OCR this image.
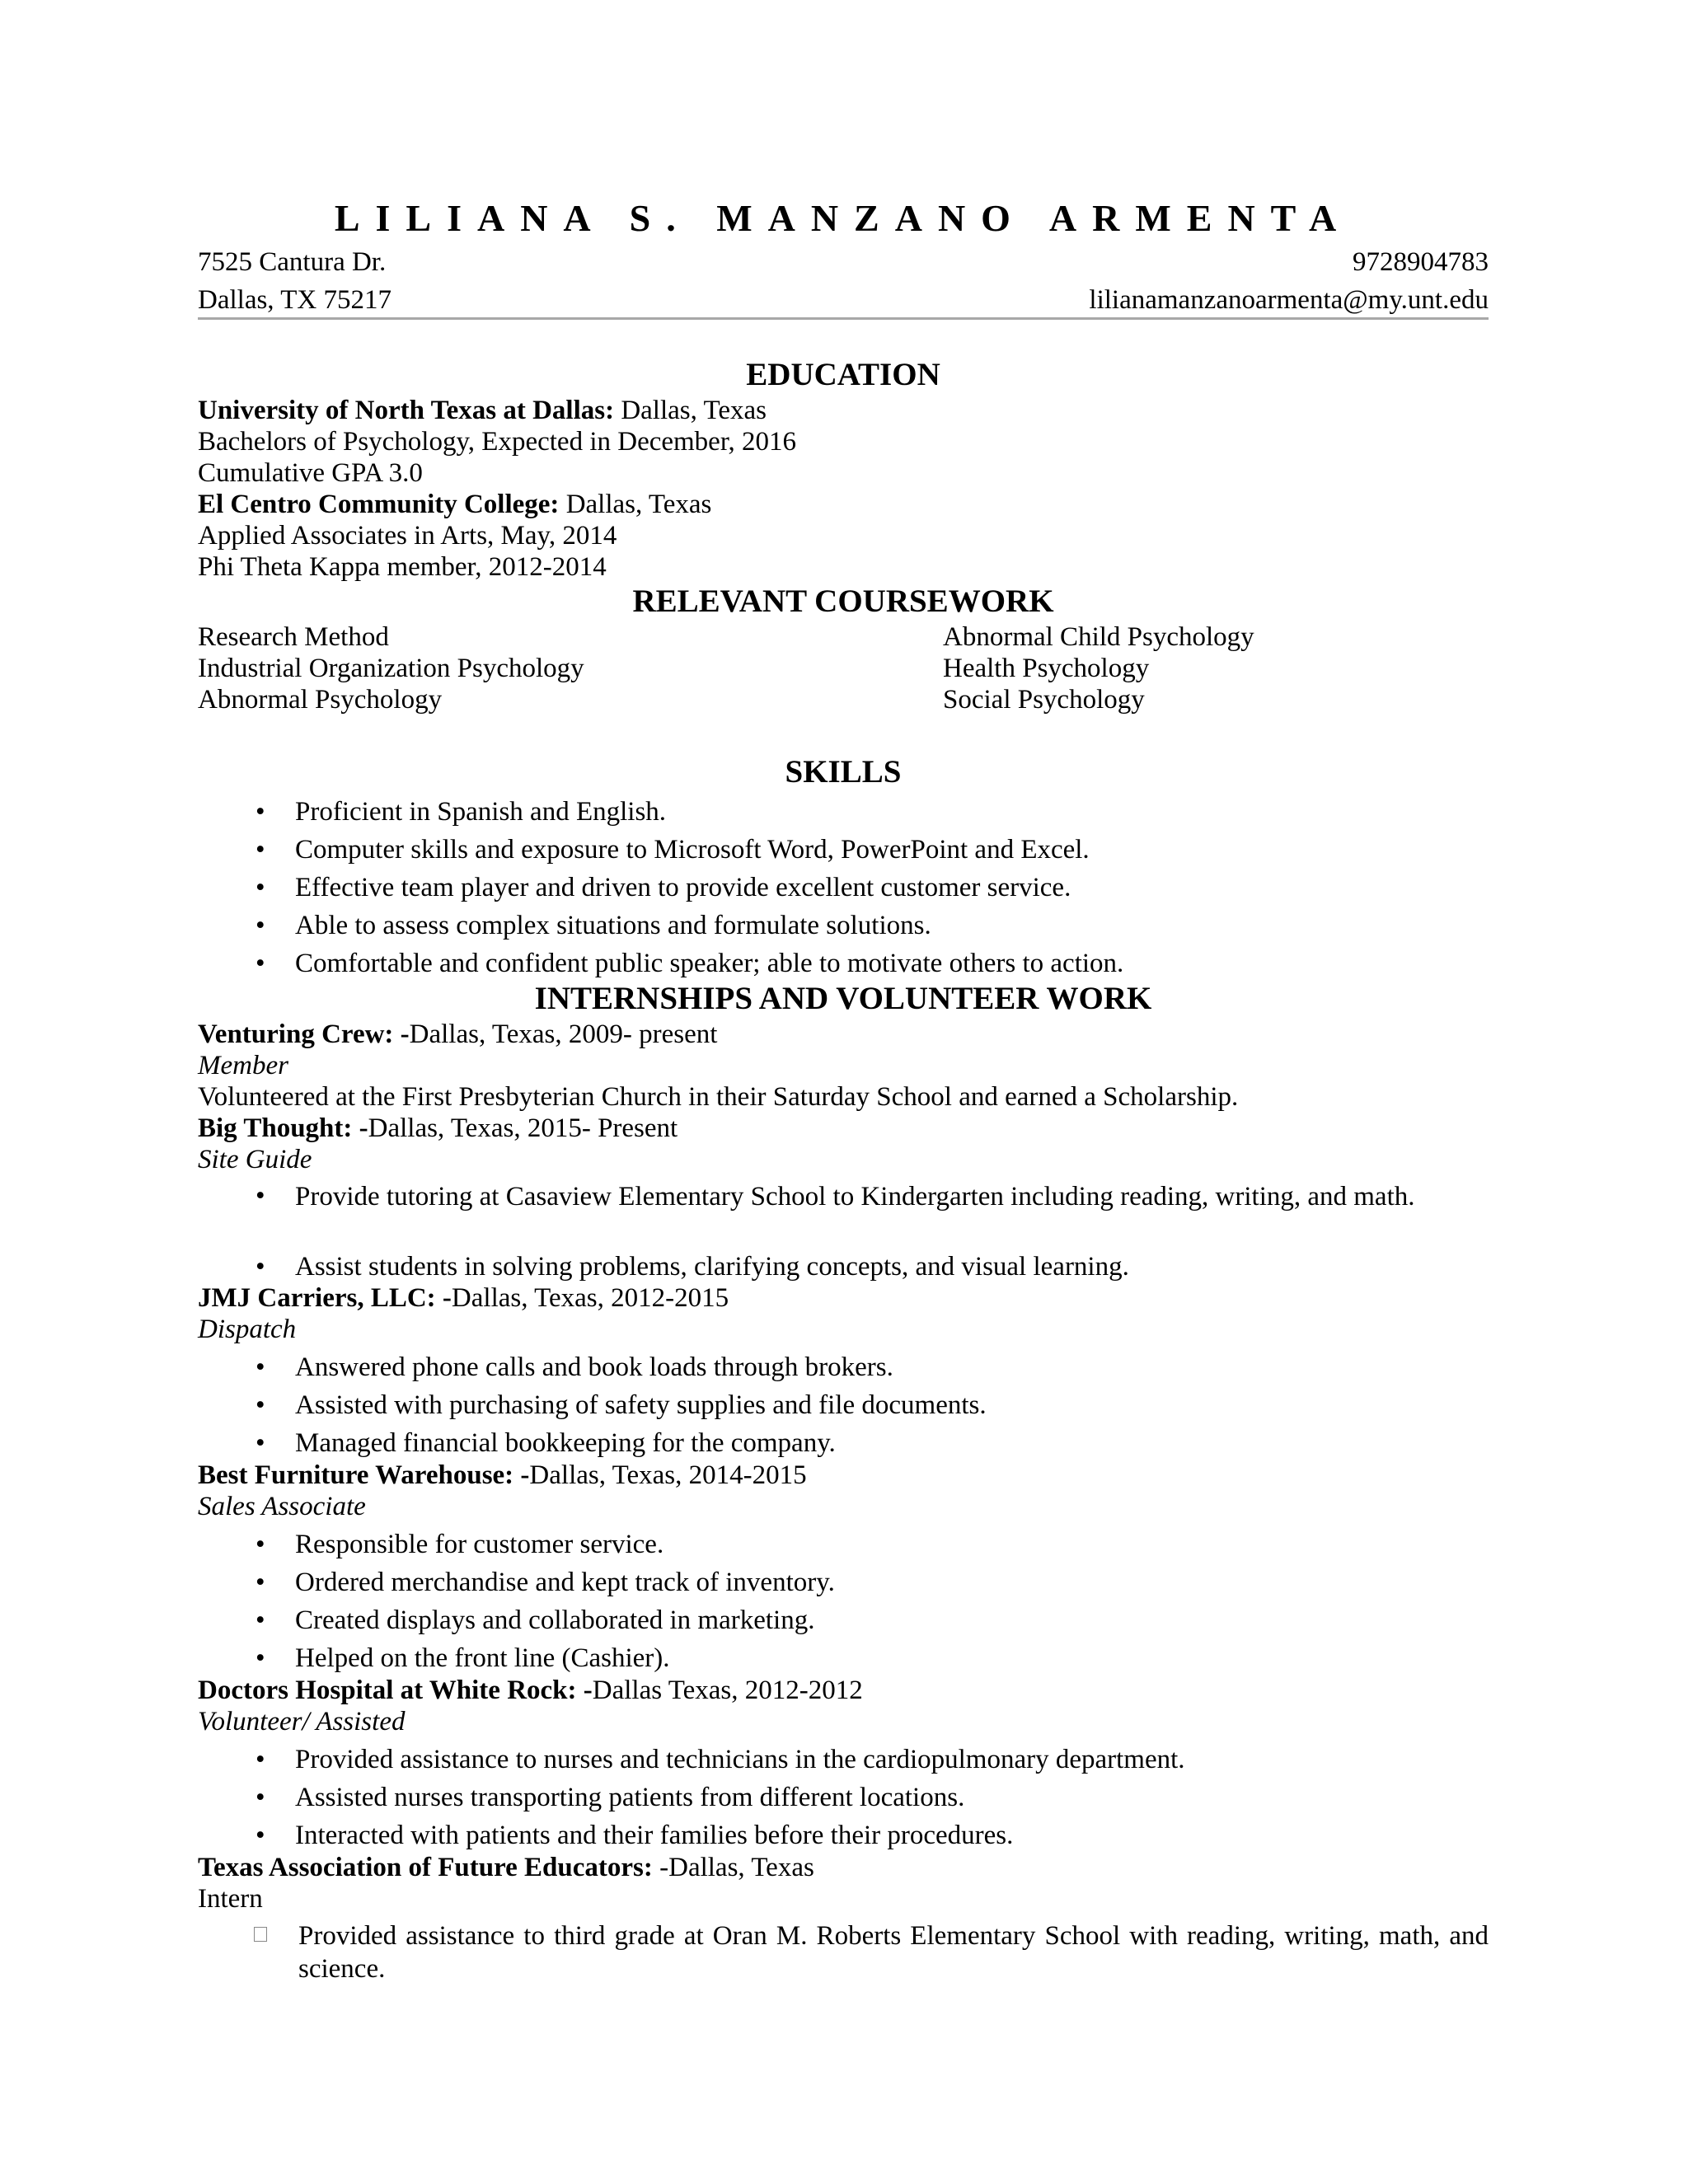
LILIANA S. MANZANO ARMENTA
7525 Cantura Dr.	9728904783
Dallas, TX 75217	lilianamanzanoarmenta@my.unt.edu
EDUCATION
University of North Texas at Dallas: Dallas, Texas
Bachelors of Psychology, Expected in December, 2016
Cumulative GPA 3.0
El Centro Community College: Dallas, Texas
Applied Associates in Arts, May, 2014
Phi Theta Kappa member, 2012-2014
RELEVANT COURSEWORK
Research Method
Industrial Organization Psychology
Abnormal Psychology
Abnormal Child Psychology
Health Psychology
Social Psychology
SKILLS
• Proficient in Spanish and English.
• Computer skills and exposure to Microsoft Word, PowerPoint and Excel.
• Effective team player and driven to provide excellent customer service.
• Able to assess complex situations and formulate solutions.
• Comfortable and confident public speaker; able to motivate others to action.
INTERNSHIPS AND VOLUNTEER WORK
Venturing Crew: -Dallas, Texas, 2009- present
Member
Volunteered at the First Presbyterian Church in their Saturday School and earned a Scholarship.
Big Thought: -Dallas, Texas, 2015- Present
Site Guide
• Provide tutoring at Casaview Elementary School to Kindergarten including reading, writing, and math.
• Assist students in solving problems, clarifying concepts, and visual learning.
JMJ Carriers, LLC: -Dallas, Texas, 2012-2015
Dispatch
• Answered phone calls and book loads through brokers.
• Assisted with purchasing of safety supplies and file documents.
• Managed financial bookkeeping for the company.
Best Furniture Warehouse: -Dallas, Texas, 2014-2015
Sales Associate
• Responsible for customer service.
• Ordered merchandise and kept track of inventory.
• Created displays and collaborated in marketing.
• Helped on the front line (Cashier).
Doctors Hospital at White Rock: -Dallas Texas, 2012-2012
Volunteer/ Assisted
• Provided assistance to nurses and technicians in the cardiopulmonary department.
• Assisted nurses transporting patients from different locations.
• Interacted with patients and their families before their procedures.
Texas Association of Future Educators: -Dallas, Texas
Intern
Provided assistance to third grade at Oran M. Roberts Elementary School with reading, writing, math, and science.
